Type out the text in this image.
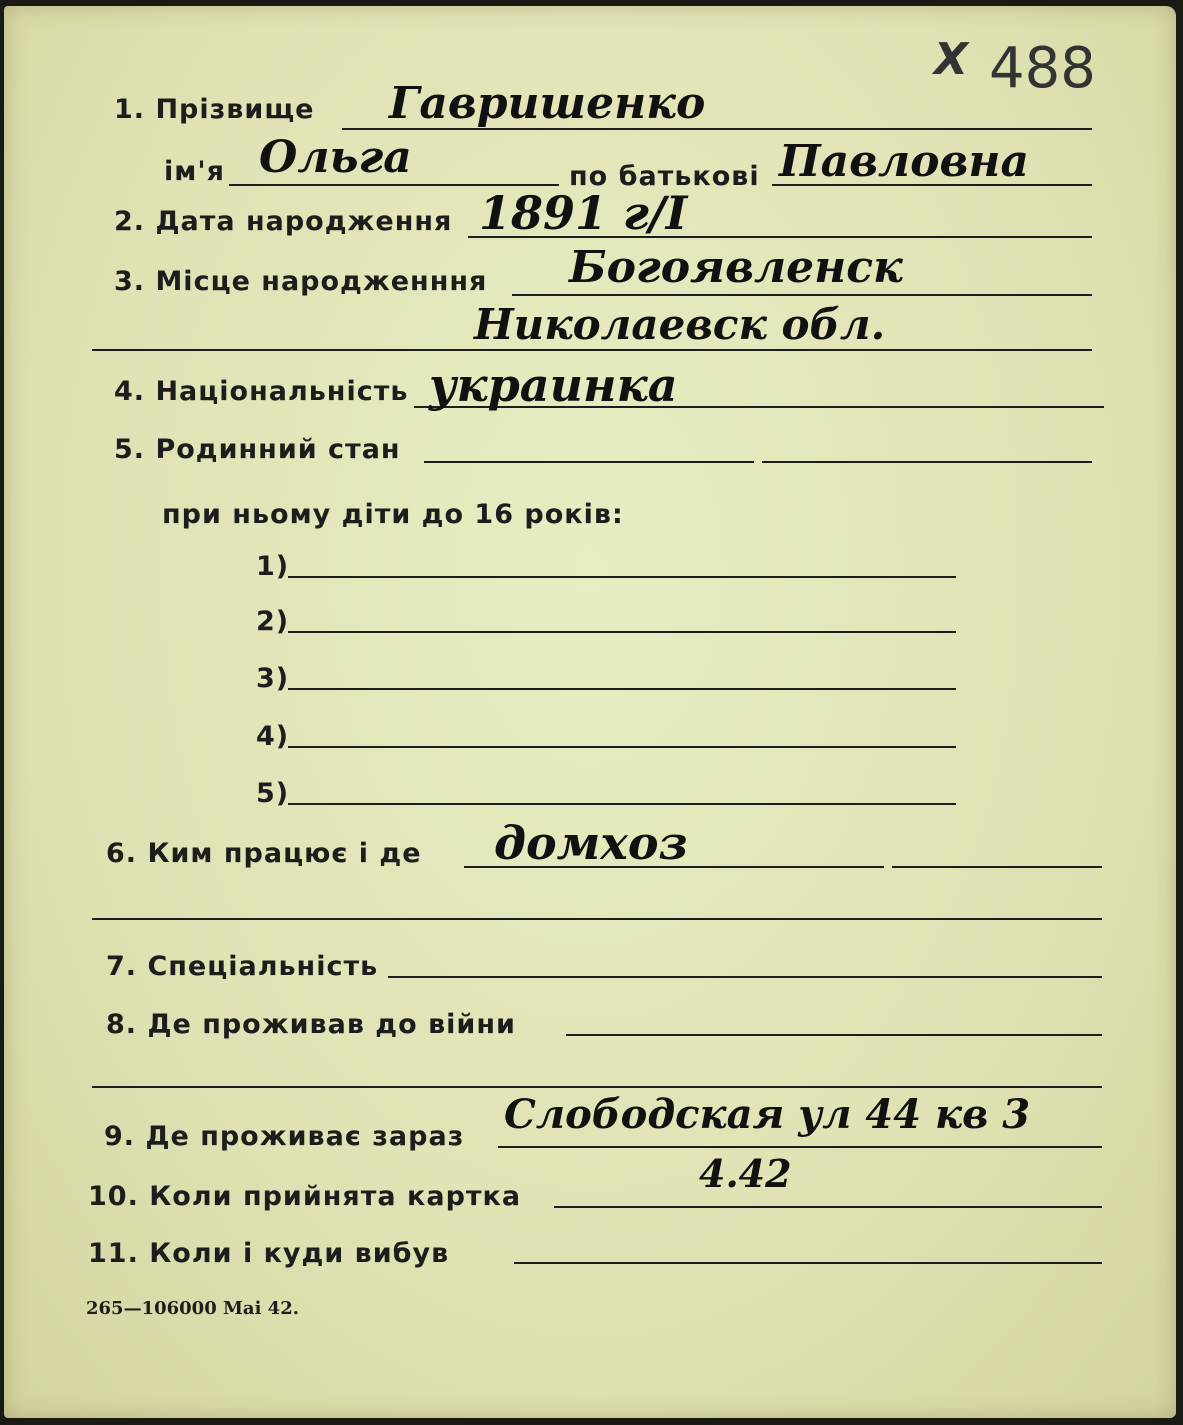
Х 488
1. Прізвище Гавришенко
ім'я Ольга	по батькові Павловна
2. Дата народження 1891 г/I
3. Місце народженння Богоявленск
Николаевск обл.
4. Національність украинка
5. Родинний стан
при ньому діти до 16 років:
1)
2)
3)
4)
5)
6. Ким працює і де домхоз
7. Спеціальність
8. Де проживав до війни
9. Де проживає зараз Слободская ул 44 кв 3
10. Коли прийнята картка
4.42
11. Коли і куди вибув
265—106000 Mai 42.
